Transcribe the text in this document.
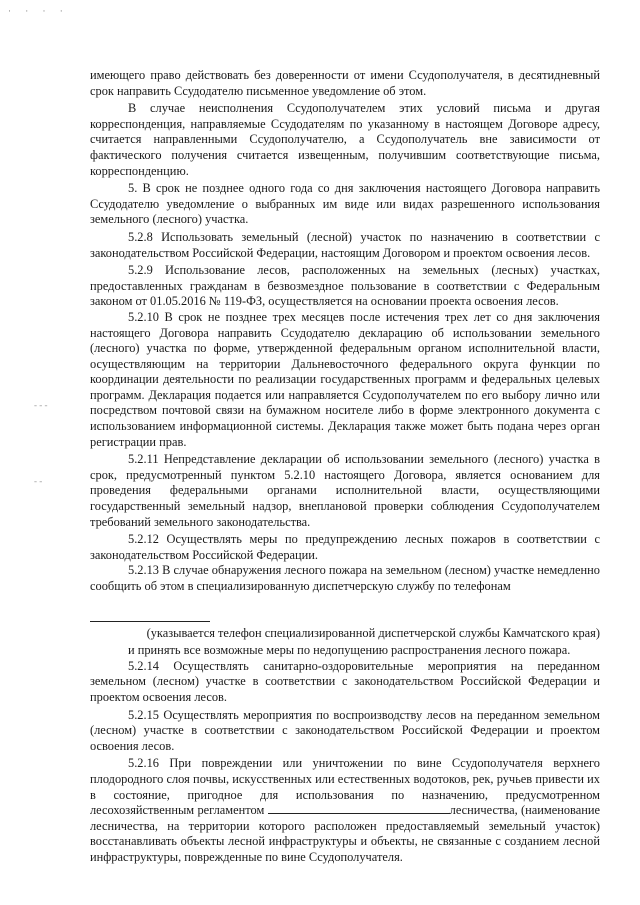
· · · ·
- - -
- -

имеющего право действовать без доверенности от имени Ссудополучателя, в десятидневный срок направить Ссудодателю письменное уведомление об этом.

В случае неисполнения Ссудополучателем этих условий письма и другая корреспонденция, направляемые Ссудодателям по указанному в настоящем Договоре адресу, считается направленными Ссудополучателю, а Ссудополучатель вне зависимости от фактического получения считается извещенным, получившим соответствующие письма, корреспонденцию.

5. В срок не позднее одного года со дня заключения настоящего Договора направить Ссудодателю уведомление о выбранных им виде или видах разрешенного использования земельного (лесного) участка.

5.2.8 Использовать земельный (лесной) участок по назначению в соответствии с законодательством Российской Федерации, настоящим Договором и проектом освоения лесов.

5.2.9 Использование лесов, расположенных на земельных (лесных) участках, предоставленных гражданам в безвозмездное пользование в соответствии с Федеральным законом от 01.05.2016 № 119-ФЗ, осуществляется на основании проекта освоения лесов.

5.2.10 В срок не позднее трех месяцев после истечения трех лет со дня заключения настоящего Договора направить Ссудодателю декларацию об использовании земельного (лесного) участка по форме, утвержденной федеральным органом исполнительной власти, осуществляющим на территории Дальневосточного федерального округа функции по координации деятельности по реализации государственных программ и федеральных целевых программ. Декларация подается или направляется Ссудополучателем по его выбору лично или посредством почтовой связи на бумажном носителе либо в форме электронного документа с использованием информационной системы. Декларация также может быть подана через орган регистрации прав.

5.2.11 Непредставление декларации об использовании земельного (лесного) участка в срок, предусмотренный пунктом 5.2.10 настоящего Договора, является основанием для проведения федеральными органами исполнительной власти, осуществляющими государственный земельный надзор, внеплановой проверки соблюдения Ссудополучателем требований земельного законодательства.

5.2.12 Осуществлять меры по предупреждению лесных пожаров в соответствии с законодательством Российской Федерации.

5.2.13 В случае обнаружения лесного пожара на земельном (лесном) участке немедленно сообщить об этом в специализированную диспетчерскую службу по телефонам

(указывается телефон специализированной диспетчерской службы Камчатского края)

и принять все возможные меры по недопущению распространения лесного пожара.

5.2.14 Осуществлять санитарно-оздоровительные мероприятия на переданном земельном (лесном) участке в соответствии с законодательством Российской Федерации и проектом освоения лесов.

5.2.15 Осуществлять мероприятия по воспроизводству лесов на переданном земельном (лесном) участке в соответствии с законодательством Российской Федерации и проектом освоения лесов.

5.2.16 При повреждении или уничтожении по вине Ссудополучателя верхнего плодородного слоя почвы, искусственных или естественных водотоков, рек, ручьев привести их в состояние, пригодное для использования по назначению, предусмотренном лесохозяйственным регламентом	лесничества, (наименование лесничества, на территории которого расположен предоставляемый земельный участок) восстанавливать объекты лесной инфраструктуры и объекты, не связанные с созданием лесной инфраструктуры, поврежденные по вине Ссудополучателя.
